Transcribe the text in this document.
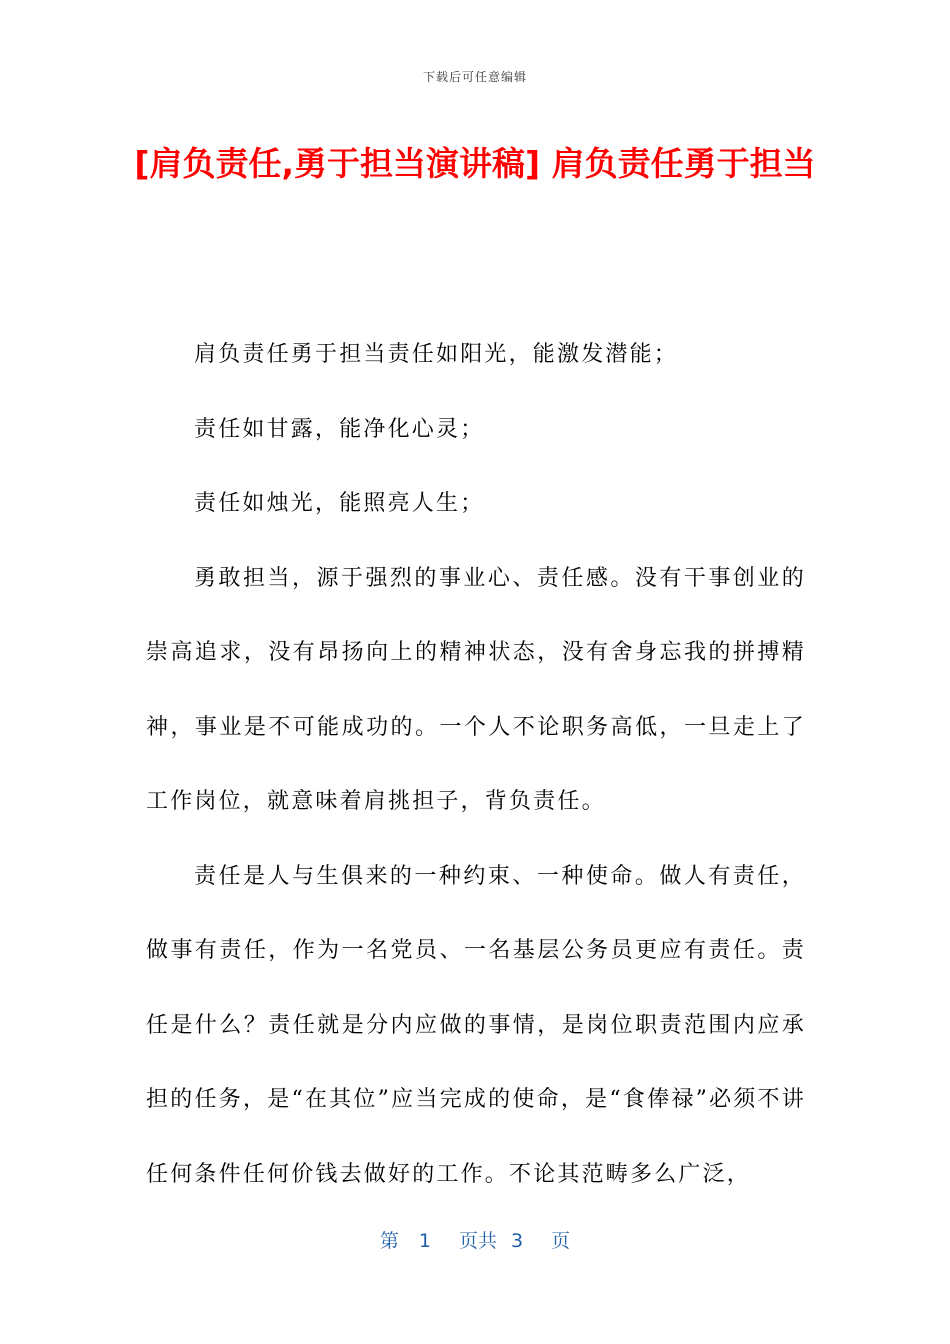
下载后可任意编辑
[肩负责任,勇于担当演讲稿] 肩负责任勇于担当

肩负责任勇于担当责任如阳光，能激发潜能；

责任如甘露，能净化心灵；

责任如烛光，能照亮人生；

勇敢担当，源于强烈的事业心、责任感。没有干事创业的崇高追求，没有昂扬向上的精神状态，没有舍身忘我的拼搏精神，事业是不可能成功的。一个人不论职务高低，一旦走上了工作岗位，就意味着肩挑担子，背负责任。

责任是人与生俱来的一种约束、一种使命。做人有责任，做事有责任，作为一名党员、一名基层公务员更应有责任。责任是什么？责任就是分内应做的事情，是岗位职责范围内应承担的任务，是“在其位”应当完成的使命，是“食俸禄”必须不讲任何条件任何价钱去做好的工作。不论其范畴多么广泛，

第 1 页共 3 页
